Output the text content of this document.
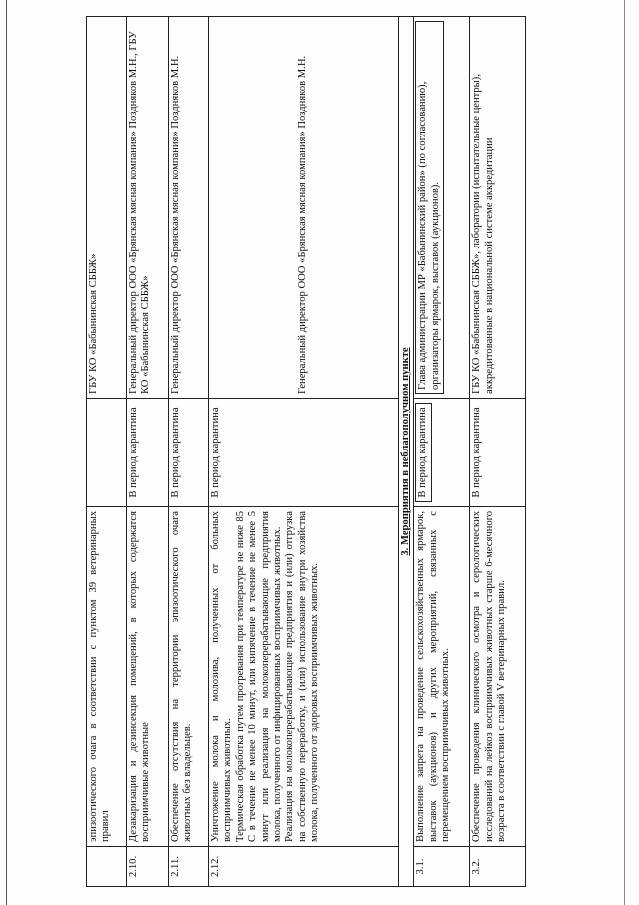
	эпизоотического очага в соответствии с пунктом 39 ветеринарных правил		ГБУ КО «Бабынинская СББЖ»
2.10.	Дезакаризация и дезинсекция помещений, в которых содержатся восприимчивые животные	В период карантина	Генеральный директор ООО «Брянская мясная компания» Поздняков М.Н., ГБУ КО «Бабынинская СББЖ»
2.11.	Обеспечение отсутствия на территории эпизоотического очага животных без владельцев.	В период карантина	Генеральный директор ООО «Брянская мясная компания» Поздняков М.Н.
2.12.	Уничтожение молока и молозива, полученных от больных восприимчивых животных. Термическая обработка путем прогревания при температуре не ниже 85 С в течение не менее 10 минут, или кипячение в течение не менее 5 минут или реализация на молокоперерабатывающие предприятия молока, полученного от инфицированных восприимчивых животных. Реализация на молокоперерабатывающие предприятия и (или) отгрузка на собственную переработку, и (или) использование внутри хозяйства молока, полученного от здоровых восприимчивых животных.	В период карантина	Генеральный директор ООО «Брянская мясная компания» Поздняков М.Н.
3. Мероприятия в неблагополучном пункте			
3.1.	Выполнение запрета на проведение сельскохозяйственных ярмарок, выставок (аукционов) и других мероприятий, связанных с перемещением восприимчивых животных.	В период карантина	Глава администрации МР «Бабынинский район» (по согласованию), организаторы ярмарок, выставок (аукционов).

3.2.	Обеспечение проведения клинического осмотра и серологических исследований на лейкоз восприимчивых животных старше 6-месячного возраста в соответствии с главой V ветеринарных правил.	В период карантина	ГБУ КО «Бабынинская СББЖ», лаборатории (испытательные центры), аккредитованные в национальной системе аккредитации
